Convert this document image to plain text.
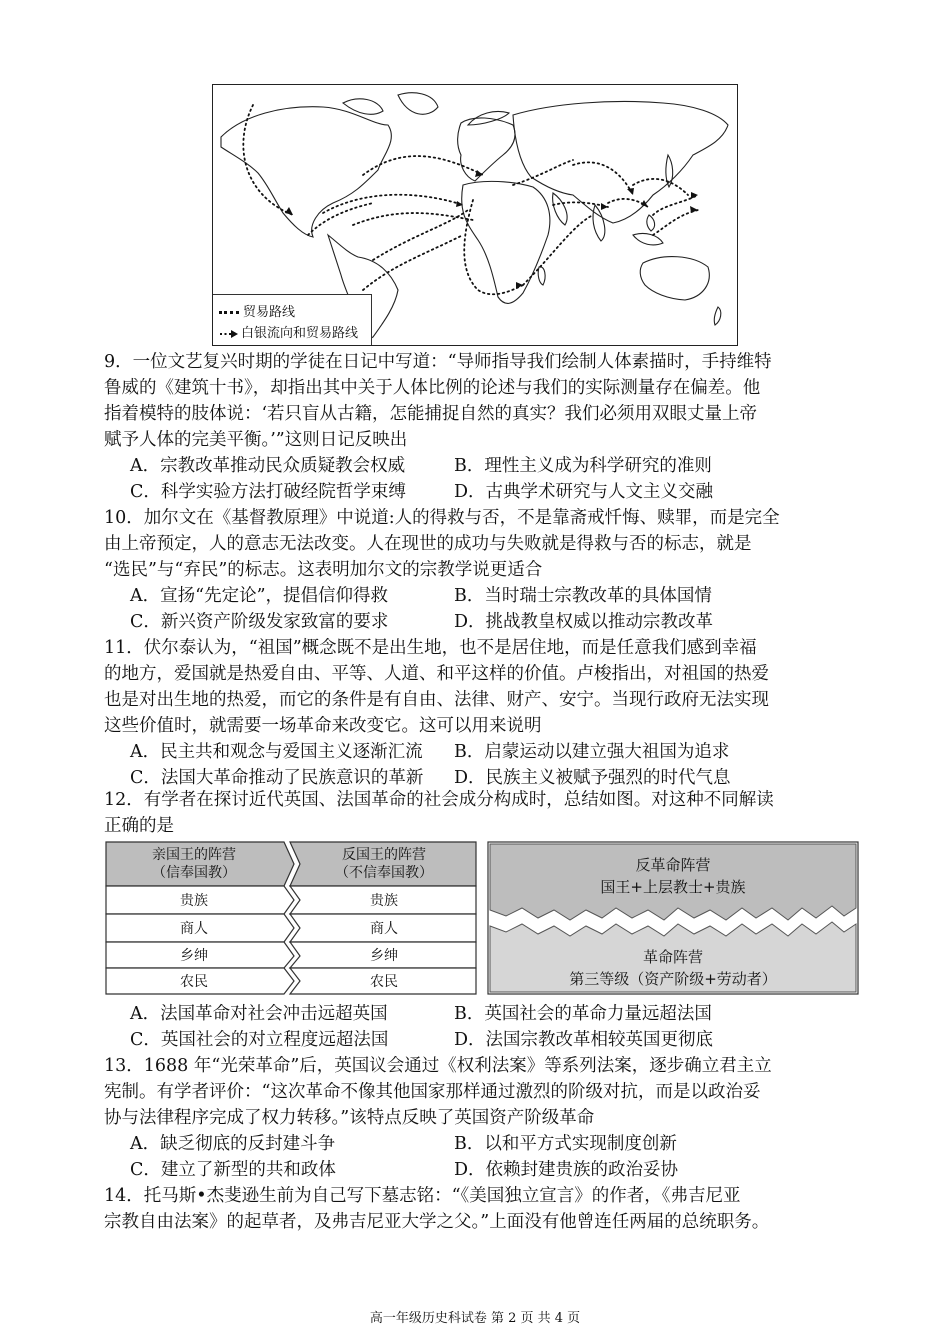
贸易路线
白银流向和贸易路线

9．一位文艺复兴时期的学徒在日记中写道：“导师指导我们绘制人体素描时，手持维特

鲁威的《建筑十书》，却指出其中关于人体比例的论述与我们的实际测量存在偏差。他

指着模特的肢体说：‘若只盲从古籍，怎能捕捉自然的真实？我们必须用双眼丈量上帝

赋予人体的完美平衡。’”这则日记反映出

A．宗教改革推动民众质疑教会权威	B．理性主义成为科学研究的准则
C．科学实验方法打破经院哲学束缚	D．古典学术研究与人文主义交融

10．加尔文在《基督教原理》中说道:人的得救与否，不是靠斋戒忏悔、赎罪，而是完全

由上帝预定，人的意志无法改变。人在现世的成功与失败就是得救与否的标志，就是

“选民”与“弃民”的标志。这表明加尔文的宗教学说更适合

A．宣扬“先定论”，提倡信仰得救	B．当时瑞士宗教改革的具体国情
C．新兴资产阶级发家致富的要求	D．挑战教皇权威以推动宗教改革

11．伏尔泰认为，“祖国”概念既不是出生地，也不是居住地，而是任意我们感到幸福

的地方，爱国就是热爱自由、平等、人道、和平这样的价值。卢梭指出，对祖国的热爱

也是对出生地的热爱，而它的条件是有自由、法律、财产、安宁。当现行政府无法实现

这些价值时，就需要一场革命来改变它。这可以用来说明

A．民主共和观念与爱国主义逐渐汇流	B．启蒙运动以建立强大祖国为追求
C．法国大革命推动了民族意识的革新	D．民族主义被赋予强烈的时代气息

12．有学者在探讨近代英国、法国革命的社会成分构成时，总结如图。对这种不同解读

正确的是

亲国王的阵营
（信奉国教）
反国王的阵营
（不信奉国教）
贵族	贵族
商人	商人
乡绅	乡绅
农民	农民
反革命阵营
国王+上层教士+贵族
革命阵营
第三等级（资产阶级+劳动者）
A．法国革命对社会冲击远超英国	B．英国社会的革命力量远超法国
C．英国社会的对立程度远超法国	D．法国宗教改革相较英国更彻底

13．1688 年“光荣革命”后，英国议会通过《权利法案》等系列法案，逐步确立君主立

宪制。有学者评价：“这次革命不像其他国家那样通过激烈的阶级对抗，而是以政治妥

协与法律程序完成了权力转移。”该特点反映了英国资产阶级革命

A．缺乏彻底的反封建斗争	B．以和平方式实现制度创新
C．建立了新型的共和政体	D．依赖封建贵族的政治妥协

14．托马斯•杰斐逊生前为自己写下墓志铭：“《美国独立宣言》的作者，《弗吉尼亚

宗教自由法案》的起草者，及弗吉尼亚大学之父。”上面没有他曾连任两届的总统职务。

高一年级历史科试卷 第 2 页 共 4 页
